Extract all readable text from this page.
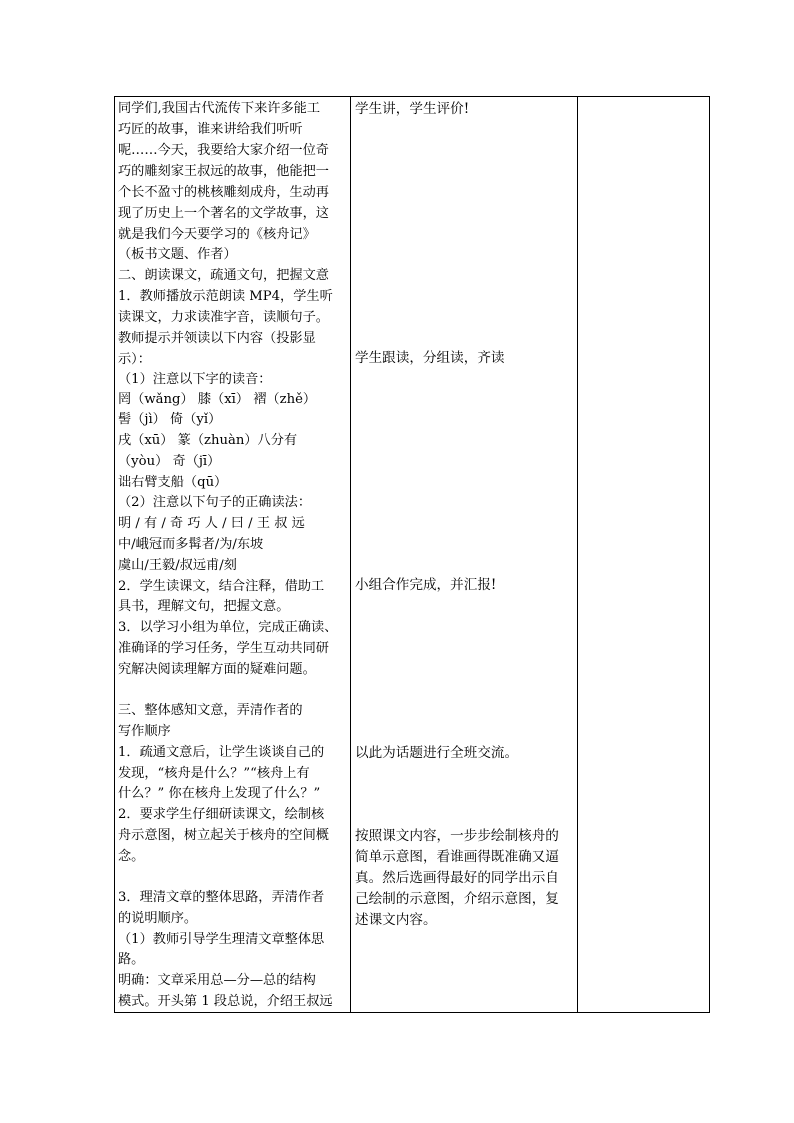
同学们,我国古代流传下来许多能工
巧匠的故事，谁来讲给我们听听
呢……今天，我要给大家介绍一位奇
巧的雕刻家王叔远的故事，他能把一
个长不盈寸的桃核雕刻成舟，生动再
现了历史上一个著名的文学故事，这
就是我们今天要学习的《核舟记》
（板书文题、作者）
二、朗读课文，疏通文句，把握文意
1．教师播放示范朗读 MP4，学生听
读课文，力求读准字音，读顺句子。
教师提示并领读以下内容（投影显
示）：
（1）注意以下字的读音：
罔（wǎng） 膝（xī） 褶（zhě）
髻（jì） 倚（yǐ）
戌（xū） 篆（zhuàn）八分有
（yòu） 奇（jī）
诎右臂支船（qū）
（2）注意以下句子的正确读法：
明 / 有 / 奇 巧 人 / 曰 / 王 叔 远
中/峨冠而多髯者/为/东坡
虞山/王毅/叔远甫/刻
2．学生读课文，结合注释，借助工
具书，理解文句，把握文意。
3．以学习小组为单位，完成正确读、
准确译的学习任务，学生互动共同研
究解决阅读理解方面的疑难问题。
三、整体感知文意，弄清作者的
写作顺序
1．疏通文意后，让学生谈谈自己的
发现，“核舟是什么？”“核舟上有
什么？” 你在核舟上发现了什么？”
2．要求学生仔细研读课文，绘制核
舟示意图，树立起关于核舟的空间概
念。
3．理清文章的整体思路，弄清作者
的说明顺序。
（1）教师引导学生理清文章整体思
路。
明确：文章采用总—分—总的结构
模式。开头第 1 段总说，介绍王叔远
学生讲，学生评价!
学生跟读，分组读，齐读
小组合作完成，并汇报!
以此为话题进行全班交流。
按照课文内容，一步步绘制核舟的
简单示意图，看谁画得既准确又逼
真。然后选画得最好的同学出示自
己绘制的示意图，介绍示意图，复
述课文内容。
